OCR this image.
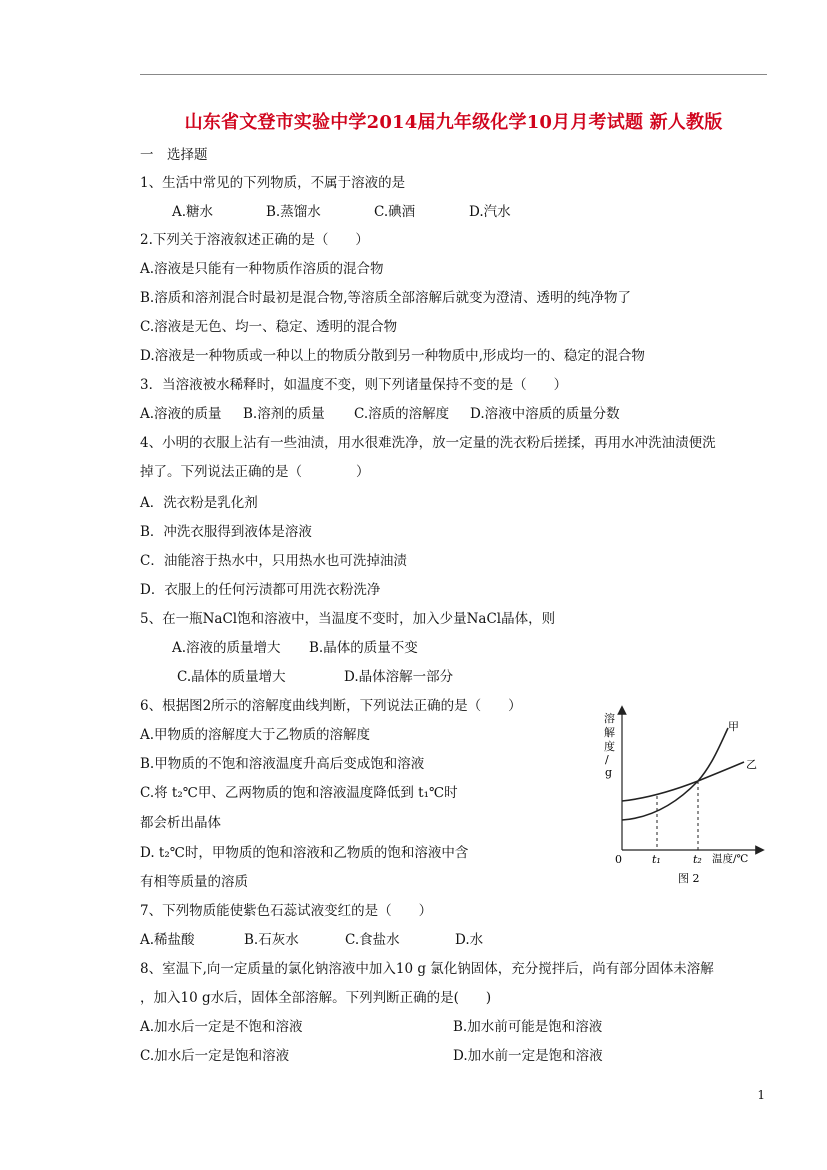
山东省文登市实验中学2014届九年级化学10月月考试题 新人教版
一　选择题
1、生活中常见的下列物质，不属于溶液的是
A.糖水	B.蒸馏水	C.碘酒	D.汽水
2.下列关于溶液叙述正确的是（　　）
A.溶液是只能有一种物质作溶质的混合物
B.溶质和溶剂混合时最初是混合物,等溶质全部溶解后就变为澄清、透明的纯净物了
C.溶液是无色、均一、稳定、透明的混合物
D.溶液是一种物质或一种以上的物质分散到另一种物质中,形成均一的、稳定的混合物
3．当溶液被水稀释时，如温度不变，则下列诸量保持不变的是（　　）
A.溶液的质量 B.溶剂的质量 C.溶质的溶解度 D.溶液中溶质的质量分数
4、小明的衣服上沾有一些油渍，用水很难洗净，放一定量的洗衣粉后搓揉，再用水冲洗油渍便洗
掉了。下列说法正确的是（　　　　）
A．洗衣粉是乳化剂
B．冲洗衣服得到液体是溶液
C．油能溶于热水中，只用热水也可洗掉油渍
D．衣服上的任何污渍都可用洗衣粉洗净
5、在一瓶NaCl饱和溶液中，当温度不变时，加入少量NaCl晶体，则
A.溶液的质量增大 B.晶体的质量不变
C.晶体的质量增大	D.晶体溶解一部分
6、根据图2所示的溶解度曲线判断，下列说法正确的是（　　）
A.甲物质的溶解度大于乙物质的溶解度
B.甲物质的不饱和溶液温度升高后变成饱和溶液
C.将 t₂℃甲、乙两物质的饱和溶液温度降低到 t₁℃时
都会析出晶体
D. t₂℃时，甲物质的饱和溶液和乙物质的饱和溶液中含
有相等质量的溶质
溶
解
度
/
g
甲
乙
0	t₁	t₂ 温度/℃
图 2
7、下列物质能使紫色石蕊试液变红的是（　　）
A.稀盐酸	B.石灰水	C.食盐水	D.水
8、室温下,向一定质量的氯化钠溶液中加入10 g 氯化钠固体，充分搅拌后，尚有部分固体未溶解
，加入10 g水后，固体全部溶解。下列判断正确的是(　　)
A.加水后一定是不饱和溶液	B.加水前可能是饱和溶液
C.加水后一定是饱和溶液	D.加水前一定是饱和溶液
1
